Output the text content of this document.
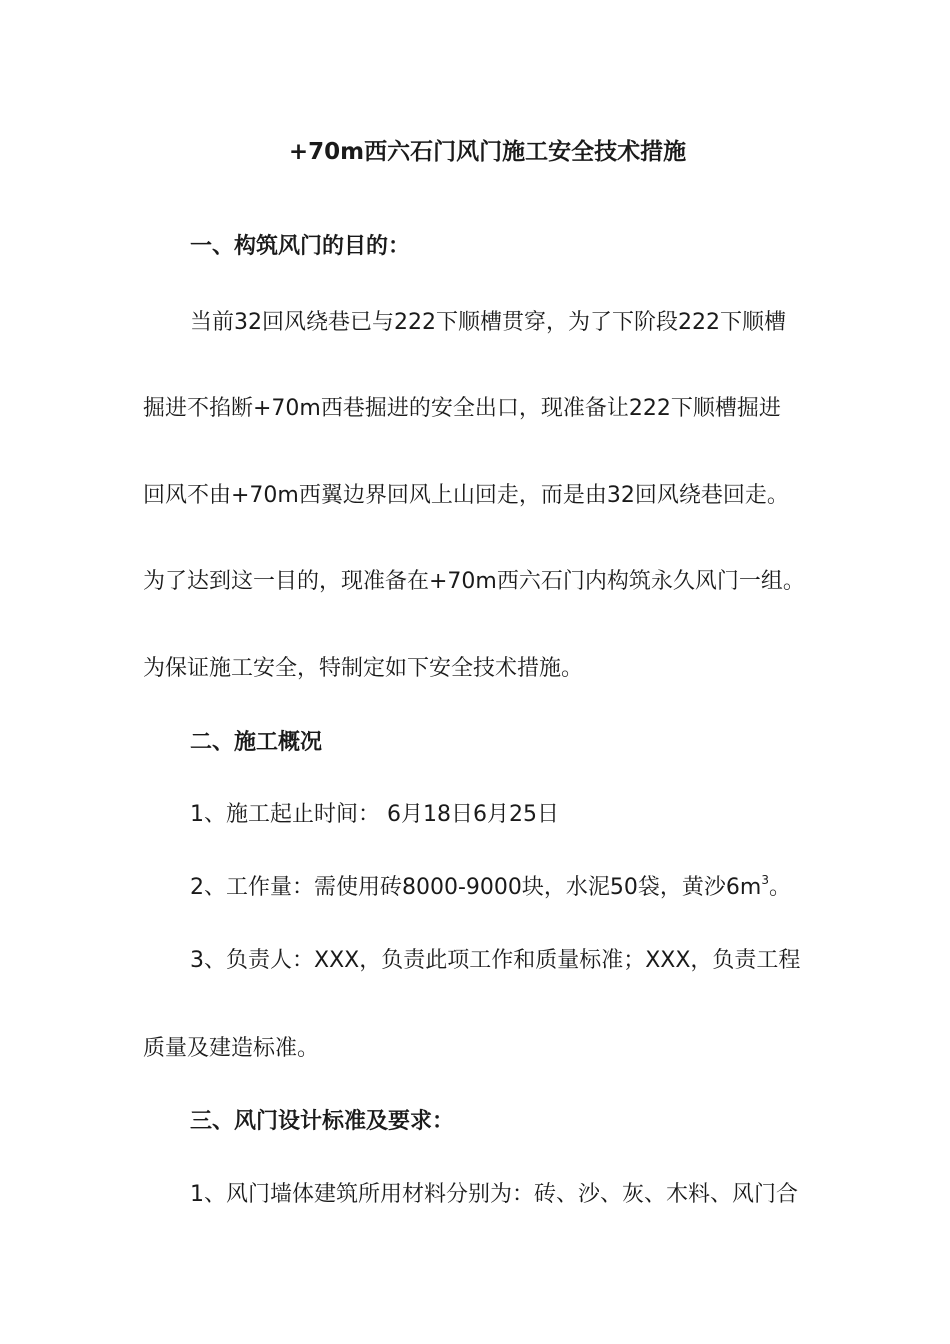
+70m西六石门风门施工安全技术措施
一、构筑风门的目的：
当前32回风绕巷已与222下顺槽贯穿，为了下阶段222下顺槽
掘进不掐断+70m西巷掘进的安全出口，现准备让222下顺槽掘进
回风不由+70m西翼边界回风上山回走，而是由32回风绕巷回走。
为了达到这一目的，现准备在+70m西六石门内构筑永久风门一组。
为保证施工安全，特制定如下安全技术措施。
二、施工概况
1、施工起止时间： 6月18日6月25日
2、工作量：需使用砖8000-9000块，水泥50袋，黄沙$6m^3$。
3、负责人：XXX，负责此项工作和质量标准；XXX，负责工程
质量及建造标准。
三、风门设计标准及要求：
1、风门墙体建筑所用材料分别为：砖、沙、灰、木料、风门合
